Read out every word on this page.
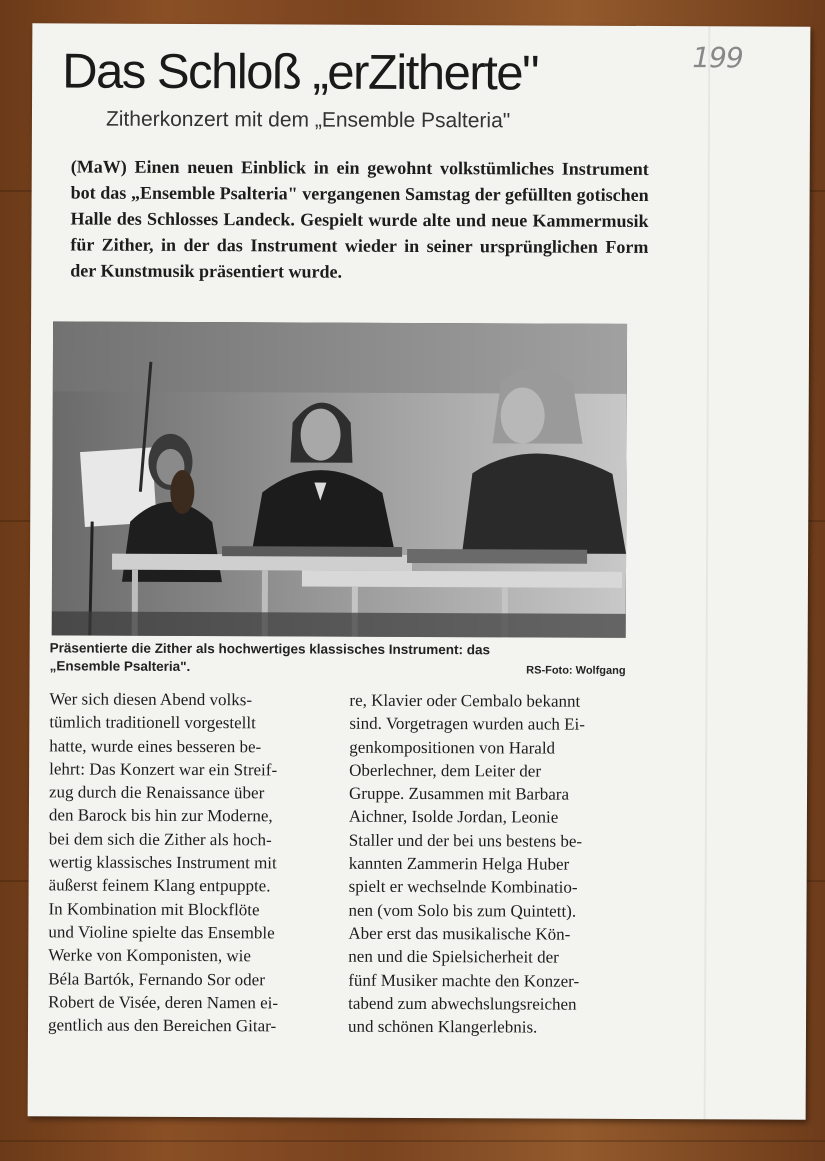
199
Das Schloß „erZitherte"
Zitherkonzert mit dem „Ensemble Psalteria"

(MaW) Einen neuen Einblick in ein gewohnt volkstümliches Instrument bot das „Ensemble Psalteria" vergangenen Samstag der gefüllten gotischen Halle des Schlosses Landeck. Gespielt wurde alte und neue Kammermusik für Zither, in der das Instrument wieder in seiner ursprünglichen Form der Kunstmusik präsentiert wurde.

Präsentierte die Zither als hochwertiges klassisches Instrument: das „Ensemble Psalteria".	RS-Foto: Wolfgang

Wer sich diesen Abend volks-
tümlich traditionell vorgestellt
hatte, wurde eines besseren be-
lehrt: Das Konzert war ein Streif-
zug durch die Renaissance über
den Barock bis hin zur Moderne,
bei dem sich die Zither als hoch-
wertig klassisches Instrument mit
äußerst feinem Klang entpuppte.
In Kombination mit Blockflöte
und Violine spielte das Ensemble
Werke von Komponisten, wie
Béla Bartók, Fernando Sor oder
Robert de Visée, deren Namen ei-
gentlich aus den Bereichen Gitar-

re, Klavier oder Cembalo bekannt
sind. Vorgetragen wurden auch Ei-
genkompositionen von Harald
Oberlechner, dem Leiter der
Gruppe. Zusammen mit Barbara
Aichner, Isolde Jordan, Leonie
Staller und der bei uns bestens be-
kannten Zammerin Helga Huber
spielt er wechselnde Kombinatio-
nen (vom Solo bis zum Quintett).
Aber erst das musikalische Kön-
nen und die Spielsicherheit der
fünf Musiker machte den Konzer-
tabend zum abwechslungsreichen
und schönen Klangerlebnis.
